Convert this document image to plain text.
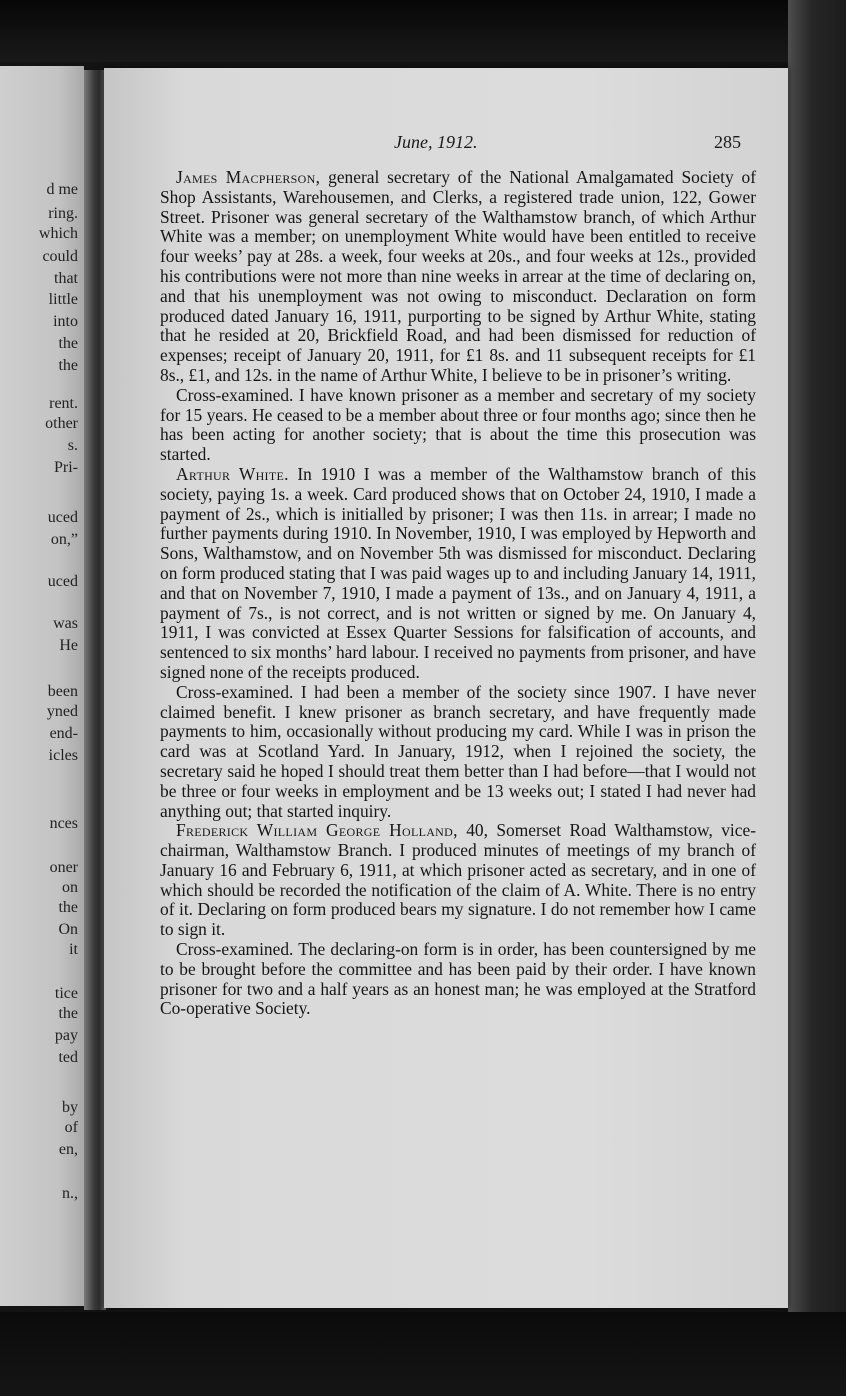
d me
ring.
which
could
that
little
into
the
the
rent.
other
s.
Pri-
uced
on,”
uced
was
He
been
yned
end-
icles
nces
oner
on
the
On
it
tice
the
pay
ted
by
of
en,
n.,
June, 1912.	285

James Macpherson, general secretary of the National Amalgamated Society of Shop Assistants, Warehousemen, and Clerks, a registered trade union, 122, Gower Street. Prisoner was general secretary of the Walthamstow branch, of which Arthur White was a member; on unemployment White would have been entitled to receive four weeks’ pay at 28s. a week, four weeks at 20s., and four weeks at 12s., provided his contributions were not more than nine weeks in arrear at the time of declaring on, and that his unemployment was not owing to misconduct. Declaration on form produced dated January 16, 1911, purporting to be signed by Arthur White, stating that he resided at 20, Brickfield Road, and had been dismissed for reduction of expenses; receipt of January 20, 1911, for £1 8s. and 11 subsequent receipts for £1 8s., £1, and 12s. in the name of Arthur White, I believe to be in prisoner’s writing.

Cross-examined. I have known prisoner as a member and secretary of my society for 15 years. He ceased to be a member about three or four months ago; since then he has been acting for another society; that is about the time this prosecution was started.

Arthur White. In 1910 I was a member of the Walthamstow branch of this society, paying 1s. a week. Card produced shows that on October 24, 1910, I made a payment of 2s., which is initialled by prisoner; I was then 11s. in arrear; I made no further payments during 1910. In November, 1910, I was employed by Hepworth and Sons, Walthamstow, and on November 5th was dismissed for misconduct. Declaring on form produced stating that I was paid wages up to and including January 14, 1911, and that on November 7, 1910, I made a payment of 13s., and on January 4, 1911, a payment of 7s., is not correct, and is not written or signed by me. On January 4, 1911, I was convicted at Essex Quarter Sessions for falsification of accounts, and sentenced to six months’ hard labour. I received no payments from prisoner, and have signed none of the receipts produced.

Cross-examined. I had been a member of the society since 1907. I have never claimed benefit. I knew prisoner as branch secretary, and have frequently made payments to him, occasionally without producing my card. While I was in prison the card was at Scotland Yard. In January, 1912, when I rejoined the society, the secretary said he hoped I should treat them better than I had before—that I would not be three or four weeks in employment and be 13 weeks out; I stated I had never had anything out; that started inquiry.

Frederick William George Holland, 40, Somerset Road Walthamstow, vice-chairman, Walthamstow Branch. I produced minutes of meetings of my branch of January 16 and February 6, 1911, at which prisoner acted as secretary, and in one of which should be recorded the notification of the claim of A. White. There is no entry of it. Declaring on form produced bears my signature. I do not remember how I came to sign it.

Cross-examined. The declaring-on form is in order, has been countersigned by me to be brought before the committee and has been paid by their order. I have known prisoner for two and a half years as an honest man; he was employed at the Stratford Co-operative Society.
